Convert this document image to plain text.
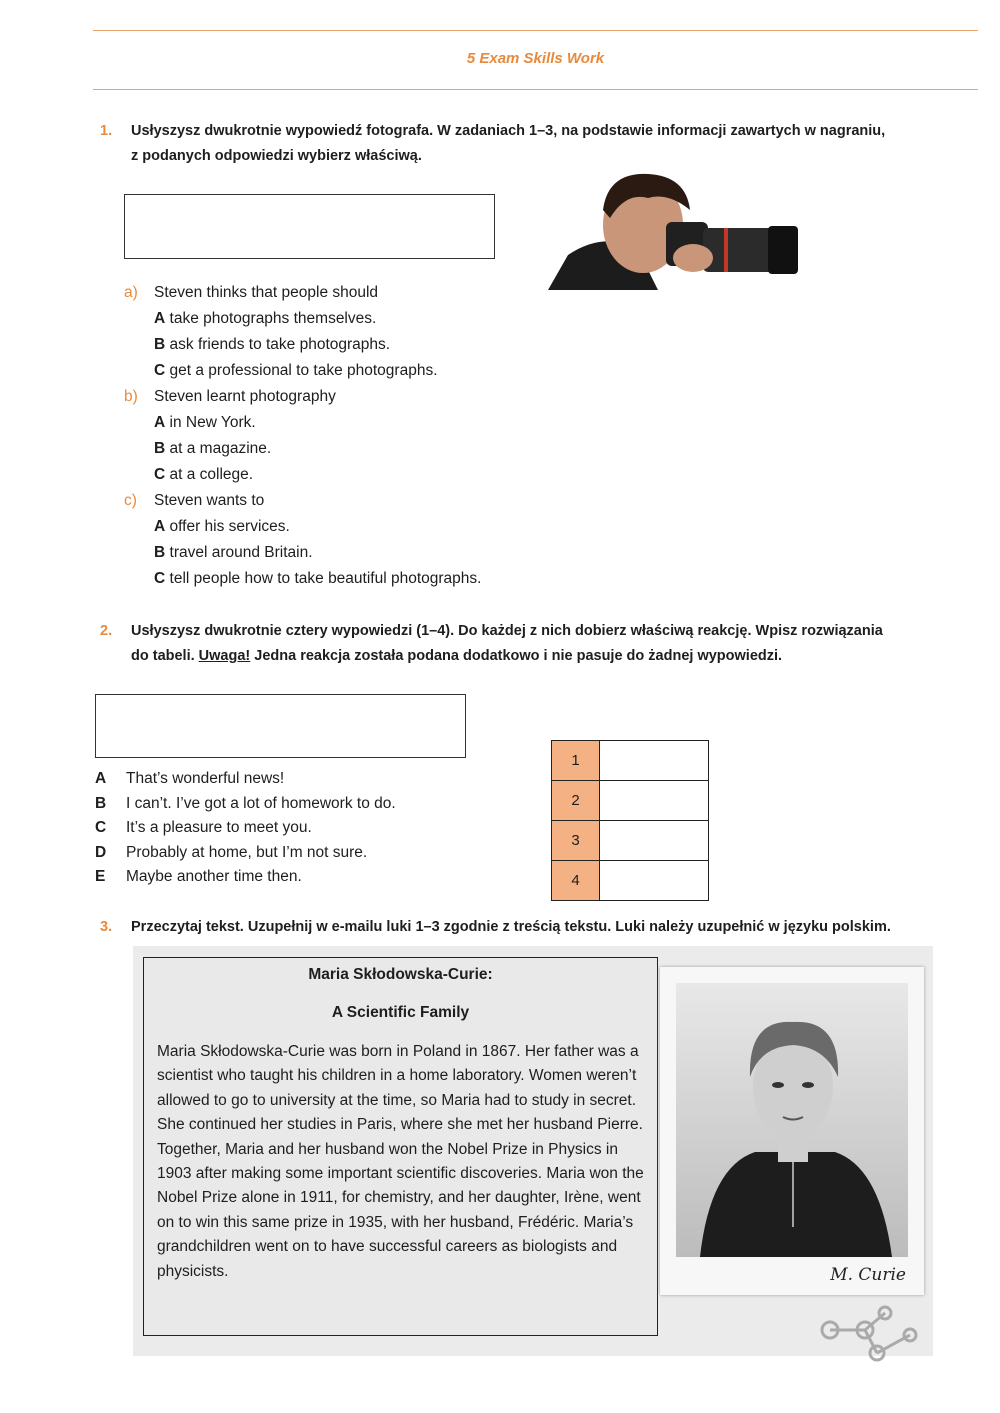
5 Exam Skills Work
1. Usłyszysz dwukrotnie wypowiedź fotografa. W zadaniach 1–3, na podstawie informacji zawartych w nagraniu,
z podanych odpowiedzi wybierz właściwą.
a) Steven thinks that people should
A take photographs themselves.
B ask friends to take photographs.
C get a professional to take photographs.
b) Steven learnt photography
A in New York.
B at a magazine.
C at a college.
c) Steven wants to
A offer his services.
B travel around Britain.
C tell people how to take beautiful photographs.
2. Usłyszysz dwukrotnie cztery wypowiedzi (1–4). Do każdej z nich dobierz właściwą reakcję. Wpisz rozwiązania
do tabeli. Uwaga! Jedna reakcja została podana dodatkowo i nie pasuje do żadnej wypowiedzi.
A That’s wonderful news!
B I can’t. I’ve got a lot of homework to do.
C It’s a pleasure to meet you.
D Probably at home, but I’m not sure.
E Maybe another time then.
1	
2	
3	
4	
3. Przeczytaj tekst. Uzupełnij w e-mailu luki 1–3 zgodnie z treścią tekstu. Luki należy uzupełnić w języku polskim.
Maria Skłodowska-Curie:
A Scientific Family
Maria Skłodowska-Curie was born in Poland in 1867. Her father was a scientist who taught his children in a home laboratory. Women weren’t allowed to go to university at the time, so Maria had to study in secret. She continued her studies in Paris, where she met her husband Pierre. Together, Maria and her husband won the Nobel Prize in Physics in 1903 after making some important scientific discoveries. Maria won the Nobel Prize alone in 1911, for chemistry, and her daughter, Irène, went on to win this same prize in 1935, with her husband, Frédéric. Maria’s grandchildren went on to have successful careers as biologists and physicists.	M. Curie
